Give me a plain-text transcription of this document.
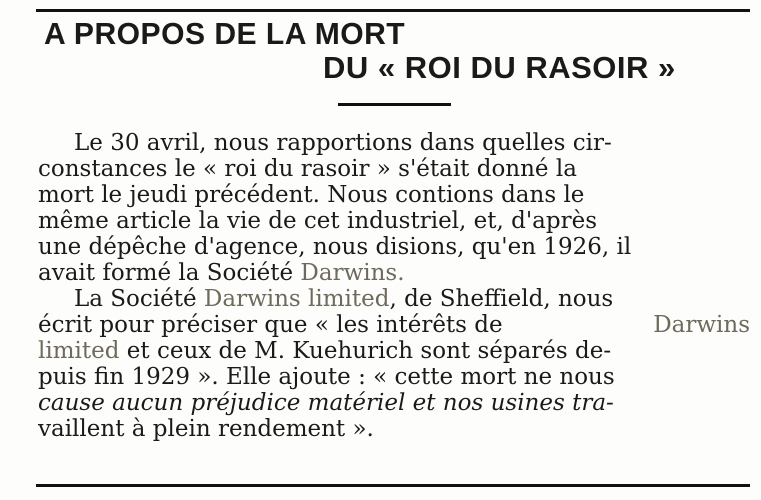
A PROPOS DE LA MORT
DU « ROI DU RASOIR »
Le 30 avril, nous rapportions dans quelles cir-
constances le « roi du rasoir » s'était donné la
mort le jeudi précédent. Nous contions dans le
même article la vie de cet industriel, et, d'après
une dépêche d'agence, nous disions, qu'en 1926, il
avait formé la Société Darwins.
La Société Darwins limited , de Sheffield, nous
écrit pour préciser que « les intérêts de	Darwins
limited et ceux de M. Kuehurich sont séparés de-
puis fin 1929 ». Elle ajoute : « cette mort ne nous
cause aucun préjudice matériel et nos usines tra-
vaillent à plein rendement ».
